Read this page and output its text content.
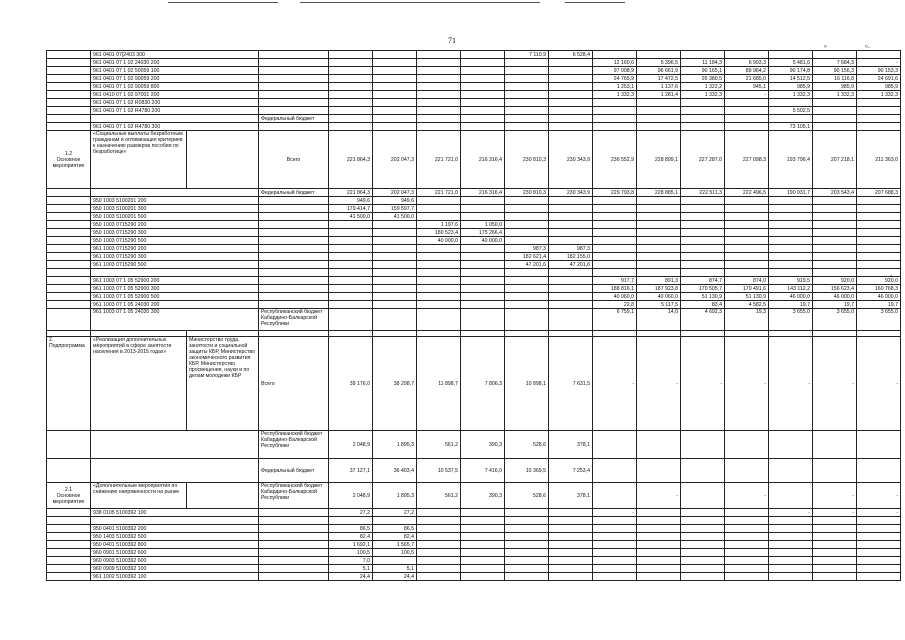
71
°	°·
-
·
-
	961 0401 07[2403 300							7 110,9	6 528,4							
	961 0401 07 1 02 24030 200									12 160,6	5 396,5	11 184,3	6 993,3	5 481,6	7 684,3	-
	961 0401 07 1 02 50059 100									97 008,9	96 661,9	90 165,1	89 964,2	90 174,8	90 156,3	90 153,3
	961 0401 07 1 02 90059 200									24 765,9	17 472,5	26 380,5	21 685,0	14 512,5	16 116,8	24 691,6
	961 0401 07 1 02 90059 800									1 253,1	1 137,6	1 322,2	945,1	985,9	985,9	985,9
	961 0410 07 1 02 97001 200									1 332,3	1 281,4	1 332,3	-	1 332,3	1 332,3	1 332,3
	961 0401 07 1 02 R0830 200															
	961 0401 07 1 02 R4780 200													5 502,5		
			Федеральный бюджет													
	961 0401 07 1 02 R4780 300													73 105,1		

1.2
Основное мероприятие	«Социальные выплаты безработным гражданам и оптимизация критериев к назначению размеров пособия по безработице»		Всего	221 864,3	202 047,3	221 721,0	216 316,4	230 810,3	230 343,9	236 552,9	228 899,1	227 287,0	227 098,3	193 796,4	207 218,1	211 363,0
			Федеральный бюджет	221 864,3	202 047,3	221 721,0	216 316,4	230 810,3	230 343,9	229 793,8	228 885,1	222 511,3	222 496,5	190 031,7	203 543,4	207 688,3
	950 1003 5100201 200			949,6	949,6											
	950 1003 5100201 300			179 414,7	159 597,7											
	950 1003 5100201 500			41 500,0	41 500,0											
	950 1003 0715290 200					1 197,6	1 050,0									
	950 1003 0715290 300					180 523,4	175 266,4									
	950 1003 0715290 500					40 000,0	40 000,0									
	961 1003 0715290 200							987,3	987,3							
	961 1003 0715290 300							182 621,4	182 155,0							
	961 1003 0715290 500							47 201,6	47 201,6							

	961 1003 07 1 05 52900 200									917,7	891,3	874,7	874,0	919,5	920,0	920,0
	961 1003 07 1 05 52900 300									188 816,1	187 923,8	170 505,7	170 491,6	143 112,2	156 623,4	160 768,3
	961 1003 07 1 05 52900 500									40 060,0	40 060,0	51 130,9	51 130,9	46 000,0	46 000,0	46 000,0
	961 1003 07 1 05 24030 200									22,8	5 117,5	83,4	4 582,5	19,7	19,7	19,7
	961 1003 07 1 05 24030 300		Республиканский бюджет Кабардино-Балкарской Республики							6 759,1	14,0	4 692,3	19,3	3 655,0	3 655,0	3 655,0

2. Подпрограмма	«Реализация дополнительных мероприятий в сфере занятости населения в 2013-2015 годах»	Министерство труда, занятости и социальной защиты КБР, Министерство экономического развития КБР, Министерство просвещения, науки и по делам молодежи КБР	Всего	39 176,0	38 298,7	11 898,7	7 806,3	10 898,1	7 631,5	-	-	-	-	-	-	-
			Республиканский бюджет Кабардино-Балкарской Республики	2 048,9	1 895,3	561,2	390,3	528,6	378,1							
			Федеральный бюджет	37 127,1	36 403,4	10 537,5	7 416,0	10 369,5	7 253,4							

2.1
Основное мероприятие	«Дополнительные мероприятия по снижению напряженности на рынке		Республиканский бюджет Кабардино-Балкарской Республики	2 048,9	1 895,3	561,2	390,3	528,6	378,1		-		-		-	-
	938 0105 5100392 100			27,2	27,2					-				-	-	-

	950 0401 5100392 200			86,5	86,5											
	950 1403 5100392 500			82,4	82,4											
	950 0401 5100392 800			1 692,1	1 565,7											
	960 0901 5100392 600			100,5	100,5											
	960 0903 5100392 600			7,0												
	960 0909 5100392 100			5,1	5,1											
	961 1002 5100392 100			24,4	24,4											
